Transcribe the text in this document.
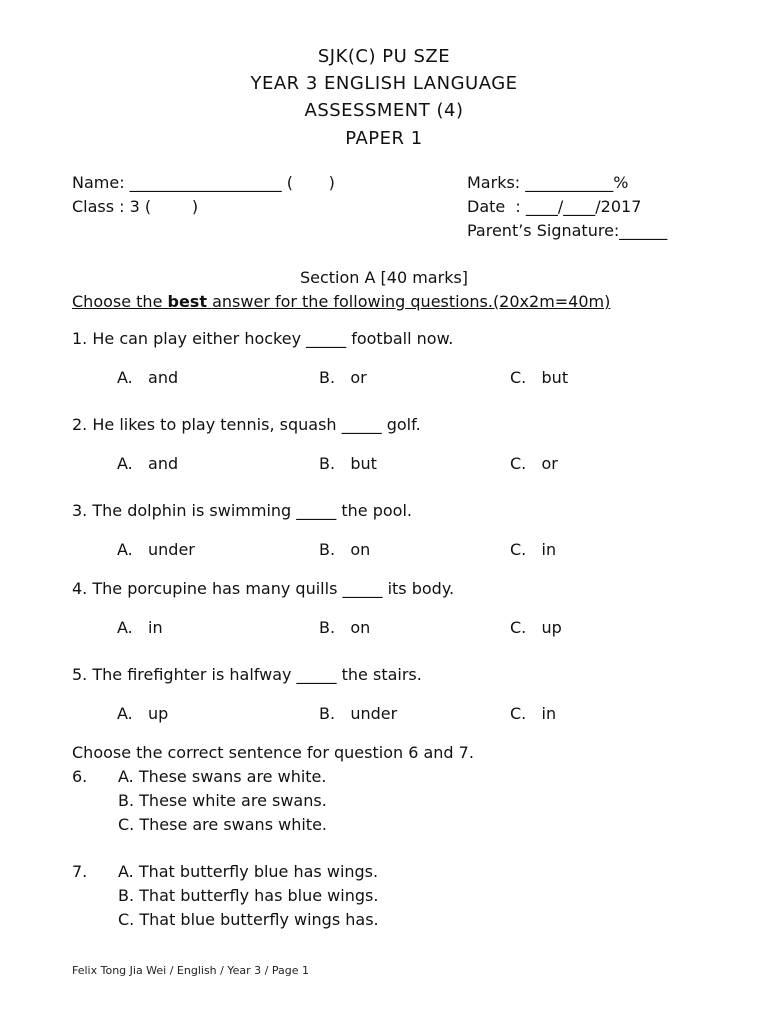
SJK(C) PU SZE
YEAR 3 ENGLISH LANGUAGE
ASSESSMENT (4)
PAPER 1
Name: ___________________ (       )
Class : 3 (        )
Marks: ___________%
Date  : ____/____/2017
Parent’s Signature:______
Section A [40 marks]
Choose the best answer for the following questions.(20x2m=40m)
1. He can play either hockey _____ football now.
A.   and	B.   or	C.   but
2. He likes to play tennis, squash _____ golf.
A.   and	B.   but	C.   or
3. The dolphin is swimming _____ the pool.
A.   under	B.   on	C.   in
4. The porcupine has many quills _____ its body.
A.   in	B.   on	C.   up
5. The firefighter is halfway _____ the stairs.
A.   up	B.   under	C.   in
Choose the correct sentence for question 6 and 7.
6. A. These swans are white.
B. These white are swans.
C. These are swans white.
7. A. That butterfly blue has wings.
B. That butterfly has blue wings.
C. That blue butterfly wings has.
Felix Tong Jia Wei / English / Year 3 / Page 1
